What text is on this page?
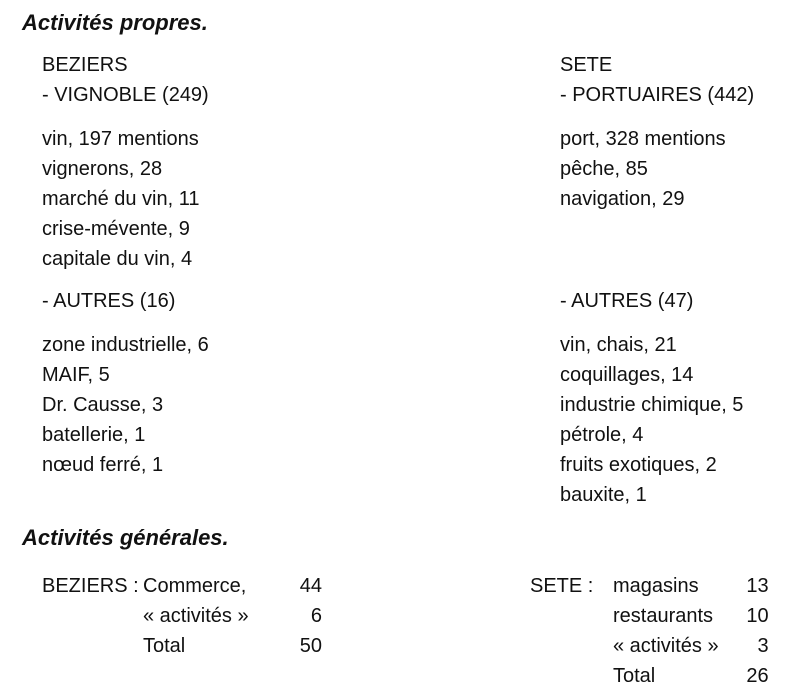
Activités propres.
BEZIERS
- VIGNOBLE (249)
vin, 197 mentions
vignerons, 28
marché du vin, 11
crise-mévente, 9
capitale du vin, 4
- AUTRES (16)
zone industrielle, 6
MAIF, 5
Dr. Causse, 3
batellerie, 1
nœud ferré, 1
SETE
- PORTUAIRES (442)
port, 328 mentions
pêche, 85
navigation, 29
- AUTRES (47)
vin, chais, 21
coquillages, 14
industrie chimique, 5
pétrole, 4
fruits exotiques, 2
bauxite, 1
Activités générales.
BEZIERS : Commerce,	44
« activités »	6
Total	50
SETE : magasins	13
restaurants	10
« activités »	3
Total	26
